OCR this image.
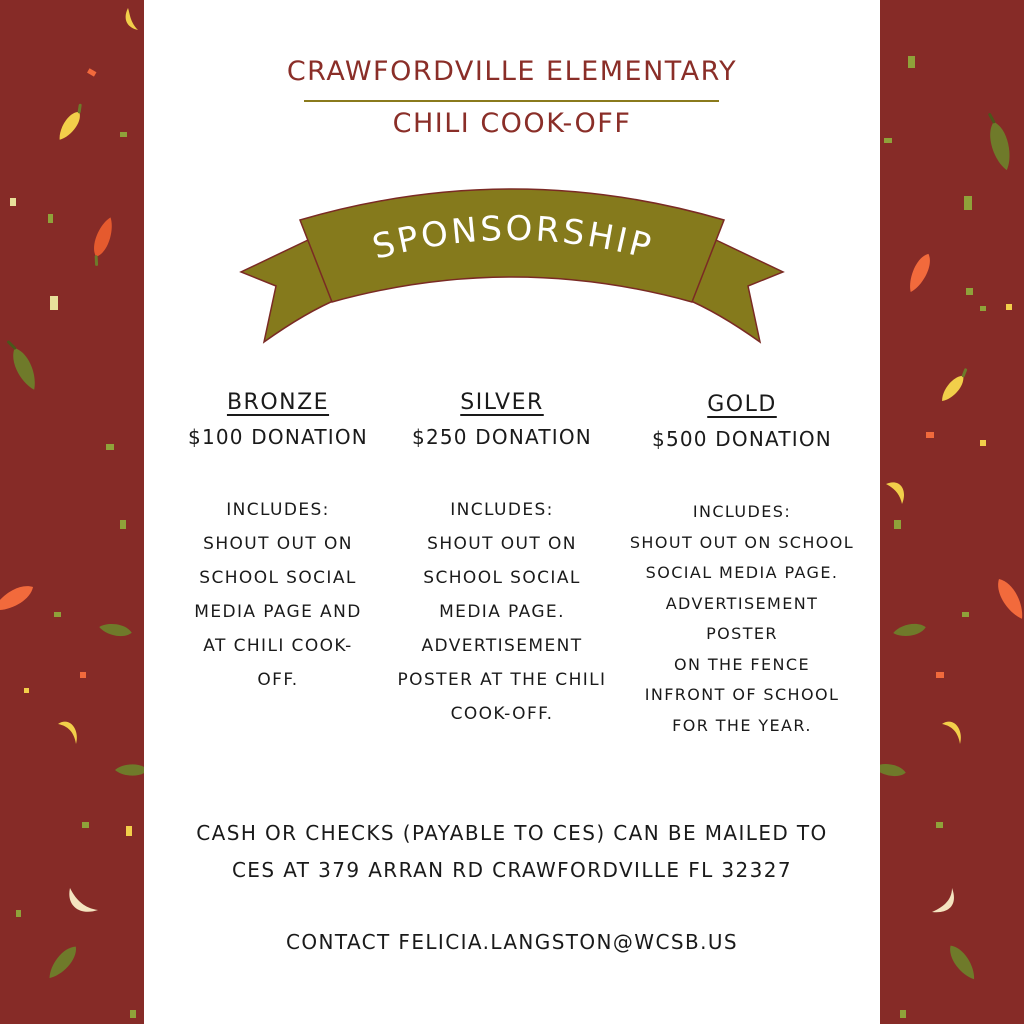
CRAWFORDVILLE ELEMENTARY
CHILI COOK-OFF
SPONSORSHIP
BRONZE
$100 DONATION
INCLUDES:
SHOUT OUT ON
SCHOOL SOCIAL
MEDIA PAGE AND
AT CHILI COOK-
OFF.
SILVER
$250 DONATION
INCLUDES:
SHOUT OUT ON
SCHOOL SOCIAL
MEDIA PAGE.
ADVERTISEMENT
POSTER AT THE CHILI
COOK-OFF.
GOLD
$500 DONATION
INCLUDES:
SHOUT OUT ON SCHOOL
SOCIAL MEDIA PAGE.
ADVERTISEMENT
POSTER
ON THE FENCE
INFRONT OF SCHOOL
FOR THE YEAR.
CASH OR CHECKS (PAYABLE TO CES) CAN BE MAILED TO
CES AT 379 ARRAN RD CRAWFORDVILLE FL 32327
CONTACT FELICIA.LANGSTON@WCSB.US
